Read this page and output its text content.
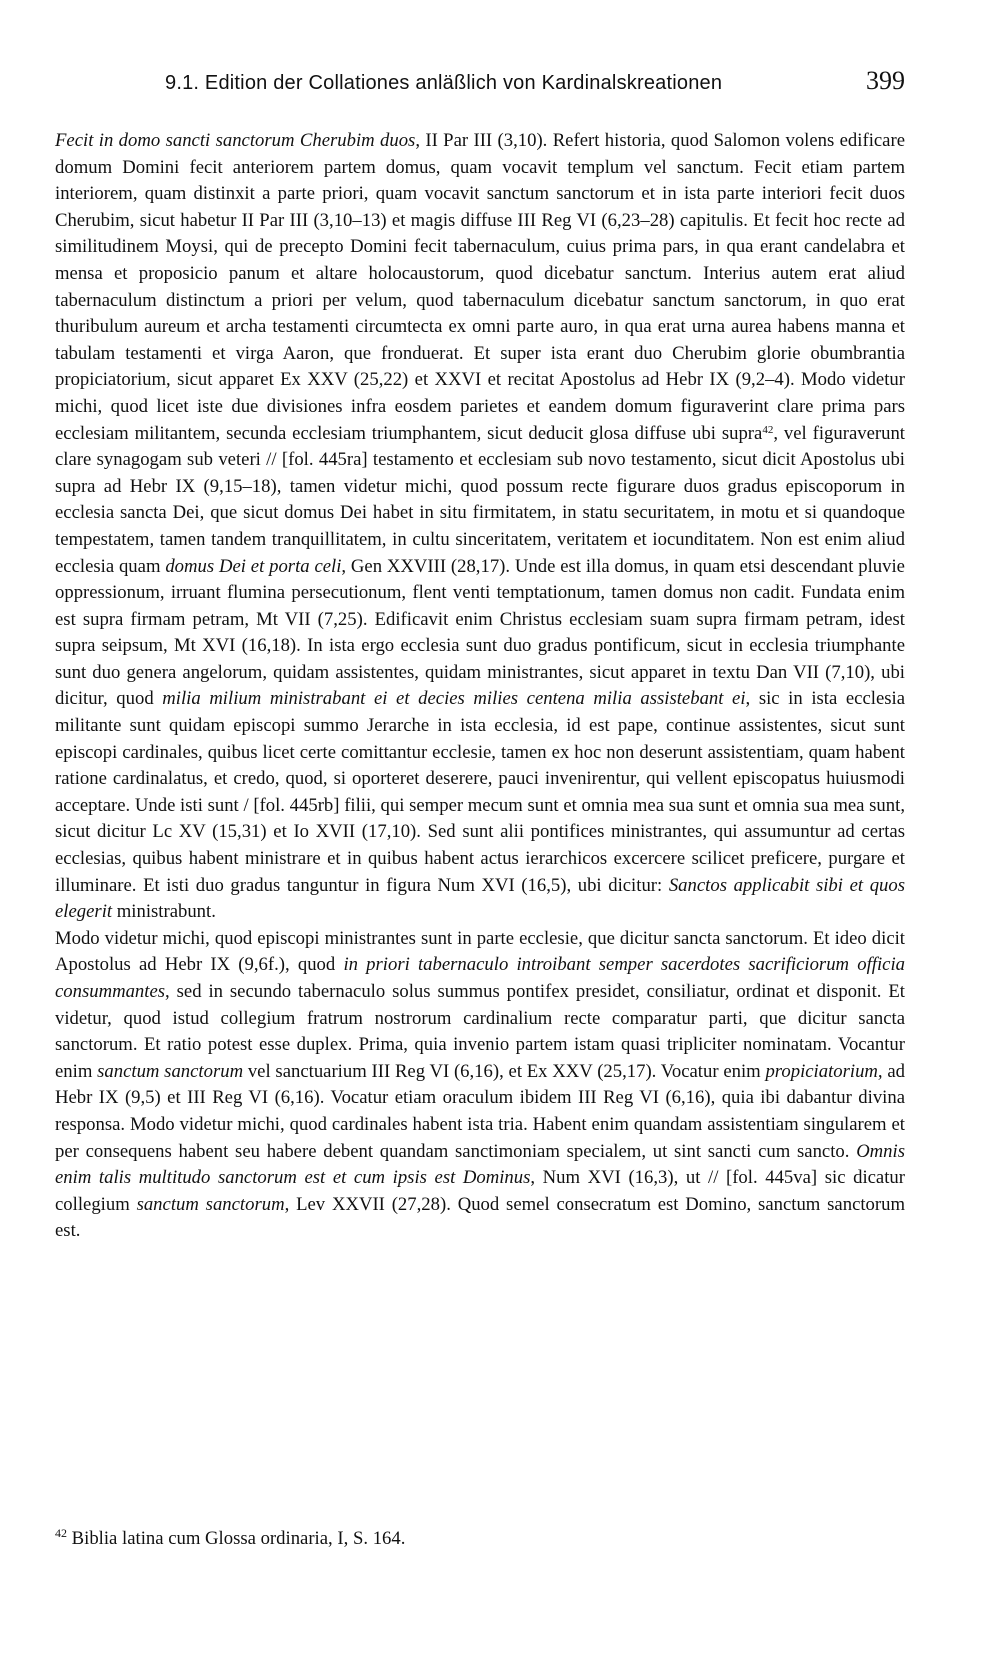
9.1. Edition der Collationes anläßlich von Kardinalskreationen	399

Fecit in domo sancti sanctorum Cherubim duos, II Par III (3,10). Refert historia, quod Salomon volens edificare domum Domini fecit anteriorem partem domus, quam vocavit templum vel sanctum. Fecit etiam partem interiorem, quam distinxit a parte priori, quam vocavit sanctum sanctorum et in ista parte interiori fecit duos Cherubim, sicut habetur II Par III (3,10–13) et magis diffuse III Reg VI (6,23–28) capitulis. Et fecit hoc recte ad similitudinem Moysi, qui de precepto Domini fecit tabernaculum, cuius prima pars, in qua erant candelabra et mensa et proposicio panum et altare holocaustorum, quod dicebatur sanctum. Interius autem erat aliud tabernaculum distinctum a priori per velum, quod tabernaculum dicebatur sanctum sanctorum, in quo erat thuribulum aureum et archa testamenti circumtecta ex omni parte auro, in qua erat urna aurea habens manna et tabulam testamenti et virga Aaron, que fronduerat. Et super ista erant duo Cherubim glorie obumbrantia propiciatorium, sicut apparet Ex XXV (25,22) et XXVI et recitat Apostolus ad Hebr IX (9,2–4). Modo videtur michi, quod licet iste due divisiones infra eosdem parietes et eandem domum figuraverint clare prima pars ecclesiam militantem, secunda ecclesiam triumphantem, sicut deducit glosa diffuse ubi supra$^{42}$, vel figuraverunt clare synagogam sub veteri // [fol. 445ra] testamento et ecclesiam sub novo testamento, sicut dicit Apostolus ubi supra ad Hebr IX (9,15–18), tamen videtur michi, quod possum recte figurare duos gradus episcoporum in ecclesia sancta Dei, que sicut domus Dei habet in situ firmitatem, in statu securitatem, in motu et si quandoque tempestatem, tamen tandem tranquillitatem, in cultu sinceritatem, veritatem et iocunditatem. Non est enim aliud ecclesia quam domus Dei et porta celi, Gen XXVIII (28,17). Unde est illa domus, in quam etsi descendant pluvie oppressionum, irruant flumina persecutionum, flent venti temptationum, tamen domus non cadit. Fundata enim est supra firmam petram, Mt VII (7,25). Edificavit enim Christus ecclesiam suam supra firmam petram, idest supra seipsum, Mt XVI (16,18). In ista ergo ecclesia sunt duo gradus pontificum, sicut in ecclesia triumphante sunt duo genera angelorum, quidam assistentes, quidam ministrantes, sicut apparet in textu Dan VII (7,10), ubi dicitur, quod milia milium ministrabant ei et decies milies centena milia assistebant ei, sic in ista ecclesia militante sunt quidam episcopi summo Jerarche in ista ecclesia, id est pape, continue assistentes, sicut sunt episcopi cardinales, quibus licet certe comittantur ecclesie, tamen ex hoc non deserunt assistentiam, quam habent ratione cardinalatus, et credo, quod, si oporteret deserere, pauci invenirentur, qui vellent episcopatus huiusmodi acceptare. Unde isti sunt / [fol. 445rb] filii, qui semper mecum sunt et omnia mea sua sunt et omnia sua mea sunt, sicut dicitur Lc XV (15,31) et Io XVII (17,10). Sed sunt alii pontifices ministrantes, qui assumuntur ad certas ecclesias, quibus habent ministrare et in quibus habent actus ierarchicos excercere scilicet preficere, purgare et illuminare. Et isti duo gradus tanguntur in figura Num XVI (16,5), ubi dicitur: Sanctos applicabit sibi et quos elegerit ministrabunt.

Modo videtur michi, quod episcopi ministrantes sunt in parte ecclesie, que dicitur sancta sanctorum. Et ideo dicit Apostolus ad Hebr IX (9,6f.), quod in priori tabernaculo introibant semper sacerdotes sacrificiorum officia consummantes, sed in secundo tabernaculo solus summus pontifex presidet, consiliatur, ordinat et disponit. Et videtur, quod istud collegium fratrum nostrorum cardinalium recte comparatur parti, que dicitur sancta sanctorum. Et ratio potest esse duplex. Prima, quia invenio partem istam quasi tripliciter nominatam. Vocantur enim sanctum sanctorum vel sanctuarium III Reg VI (6,16), et Ex XXV (25,17). Vocatur enim propiciatorium, ad Hebr IX (9,5) et III Reg VI (6,16). Vocatur etiam oraculum ibidem III Reg VI (6,16), quia ibi dabantur divina responsa. Modo videtur michi, quod cardinales habent ista tria. Habent enim quandam assistentiam singularem et per consequens habent seu habere debent quandam sanctimoniam specialem, ut sint sancti cum sancto. Omnis enim talis multitudo sanctorum est et cum ipsis est Dominus, Num XVI (16,3), ut // [fol. 445va] sic dicatur collegium sanctum sanctorum, Lev XXVII (27,28). Quod semel consecratum est Domino, sanctum sanctorum est.

$^{42}$ Biblia latina cum Glossa ordinaria, I, S. 164.
